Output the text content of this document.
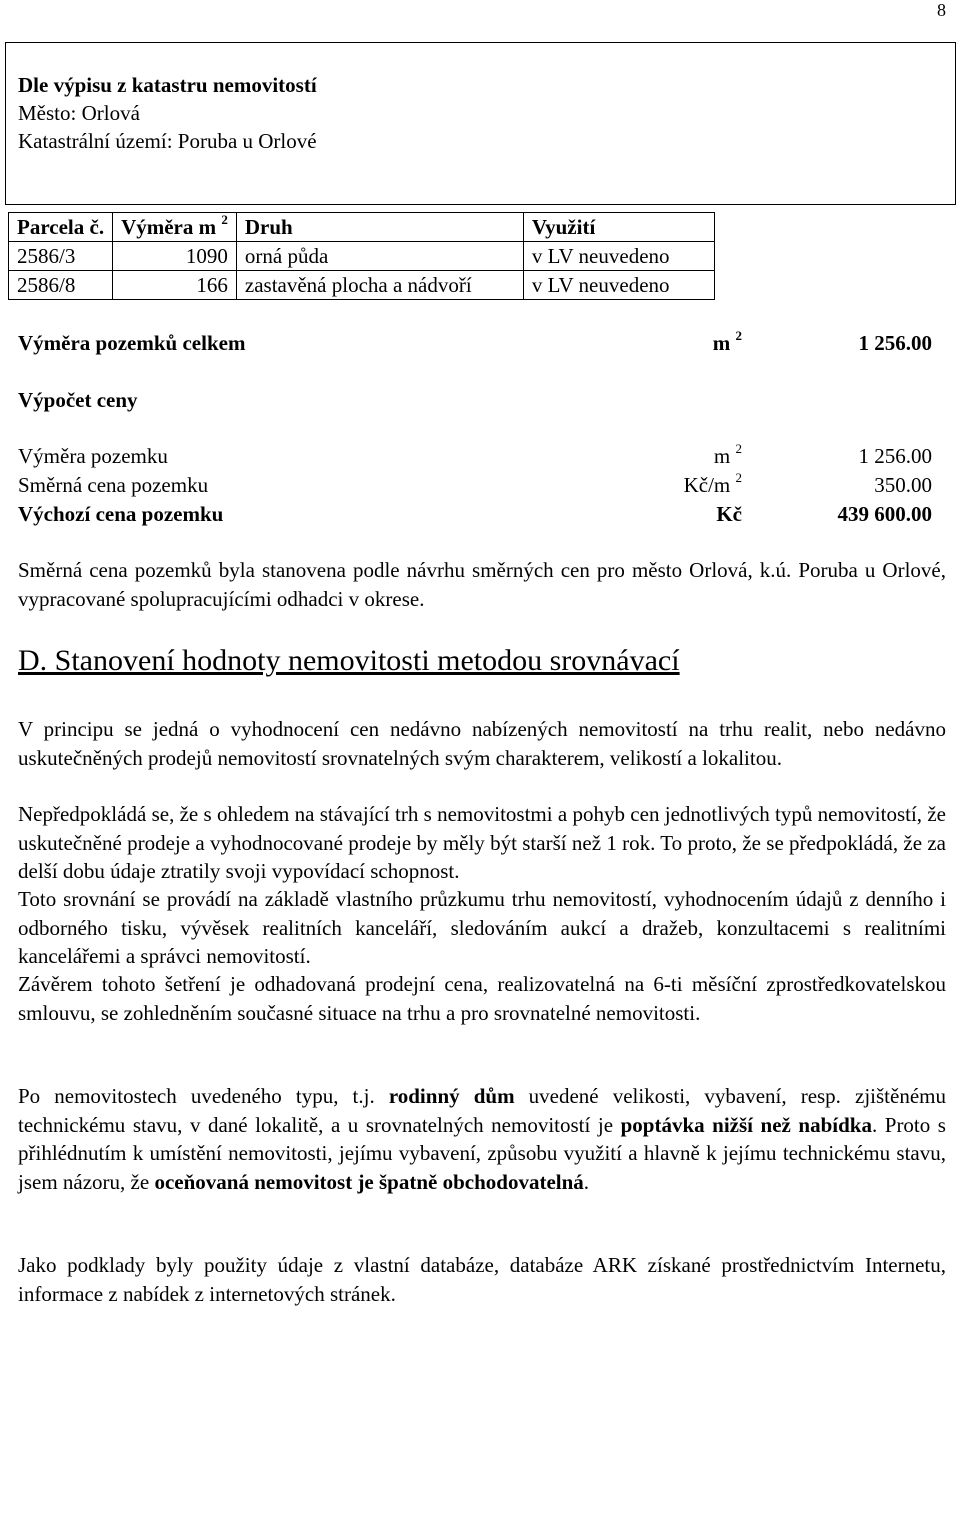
8
Dle výpisu z katastru nemovitostí
Město: Orlová
Katastrální území: Poruba u Orlové
Parcela č.	Výměra m $^2$	Druh	Využití
2586/3	1090	orná půda	v LV neuvedeno
2586/8	166	zastavěná plocha a nádvoří	v LV neuvedeno
Výměra pozemků celkem	m $^2$	1 256.00
Výpočet ceny
Výměra pozemku	m $^2$	1 256.00
Směrná cena pozemku	Kč/m $^2$	350.00
Výchozí cena pozemku	Kč	439 600.00
Směrná cena pozemků byla stanovena podle návrhu směrných cen pro město Orlová, k.ú. Poruba u Orlové, vypracované spolupracujícími odhadci v okrese.
D. Stanovení hodnoty nemovitosti metodou srovnávací
V principu se jedná o vyhodnocení cen nedávno nabízených nemovitostí na trhu realit, nebo nedávno uskutečněných prodejů nemovitostí srovnatelných svým charakterem, velikostí a lokalitou.
Nepředpokládá se, že s ohledem na stávající trh s nemovitostmi a pohyb cen jednotlivých typů nemovitostí, že uskutečněné prodeje a vyhodnocované prodeje by měly být starší než 1 rok. To proto, že se předpokládá, že za delší dobu údaje ztratily svoji vypovídací schopnost.
Toto srovnání se provádí na základě vlastního průzkumu trhu nemovitostí, vyhodnocením údajů z denního i odborného tisku, vývěsek realitních kanceláří, sledováním aukcí a dražeb, konzultacemi s realitními kancelářemi a správci nemovitostí.
Závěrem tohoto šetření je odhadovaná prodejní cena, realizovatelná na 6-ti měsíční zprostředkovatelskou smlouvu, se zohledněním současné situace na trhu a pro srovnatelné nemovitosti.
Po nemovitostech uvedeného typu, t.j. rodinný dům uvedené velikosti, vybavení, resp. zjištěnému technickému stavu, v dané lokalitě, a u srovnatelných nemovitostí je poptávka nižší než nabídka. Proto s přihlédnutím k umístění nemovitosti, jejímu vybavení, způsobu využití a hlavně k jejímu technickému stavu, jsem názoru, že oceňovaná nemovitost je špatně obchodovatelná.
Jako podklady byly použity údaje z vlastní databáze, databáze ARK získané prostřednictvím Internetu, informace z nabídek z internetových stránek.
